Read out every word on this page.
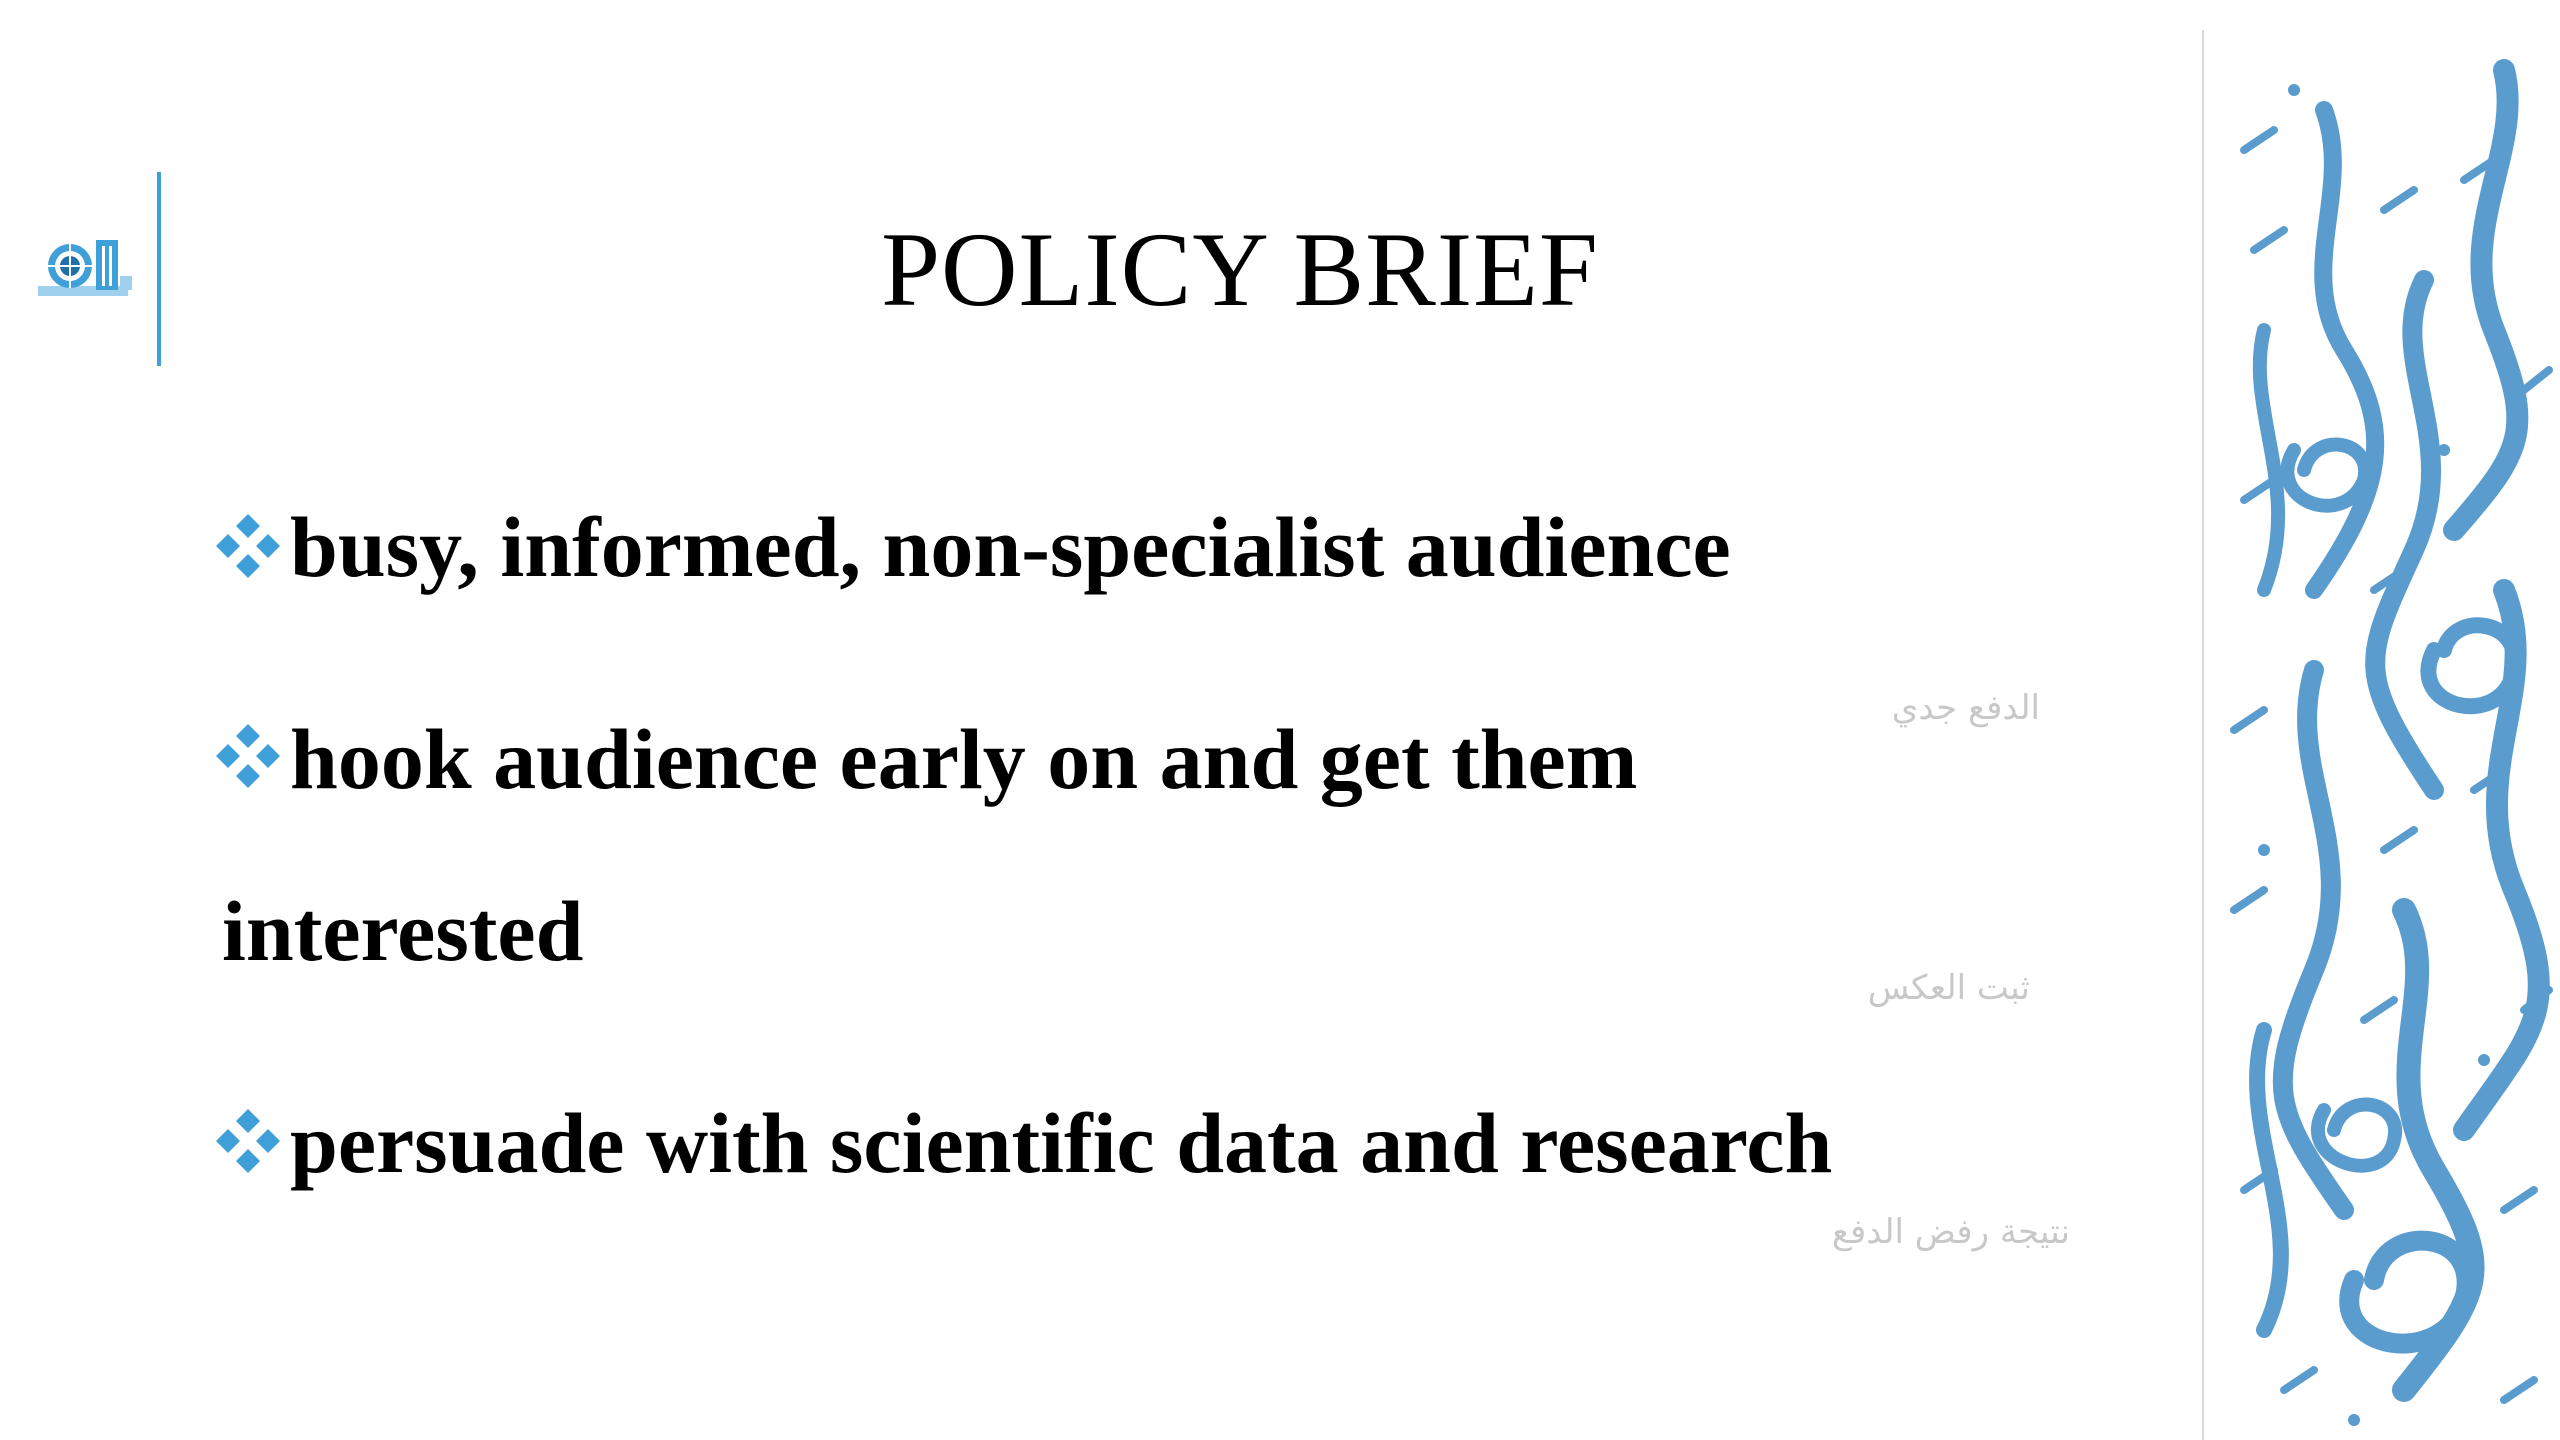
POLICY BRIEF
busy, informed, non-specialist audience
hook audience early on and get them
interested
persuade with scientific data and research
الدفع جدي
ثبت العكس
نتيجة رفض الدفع
